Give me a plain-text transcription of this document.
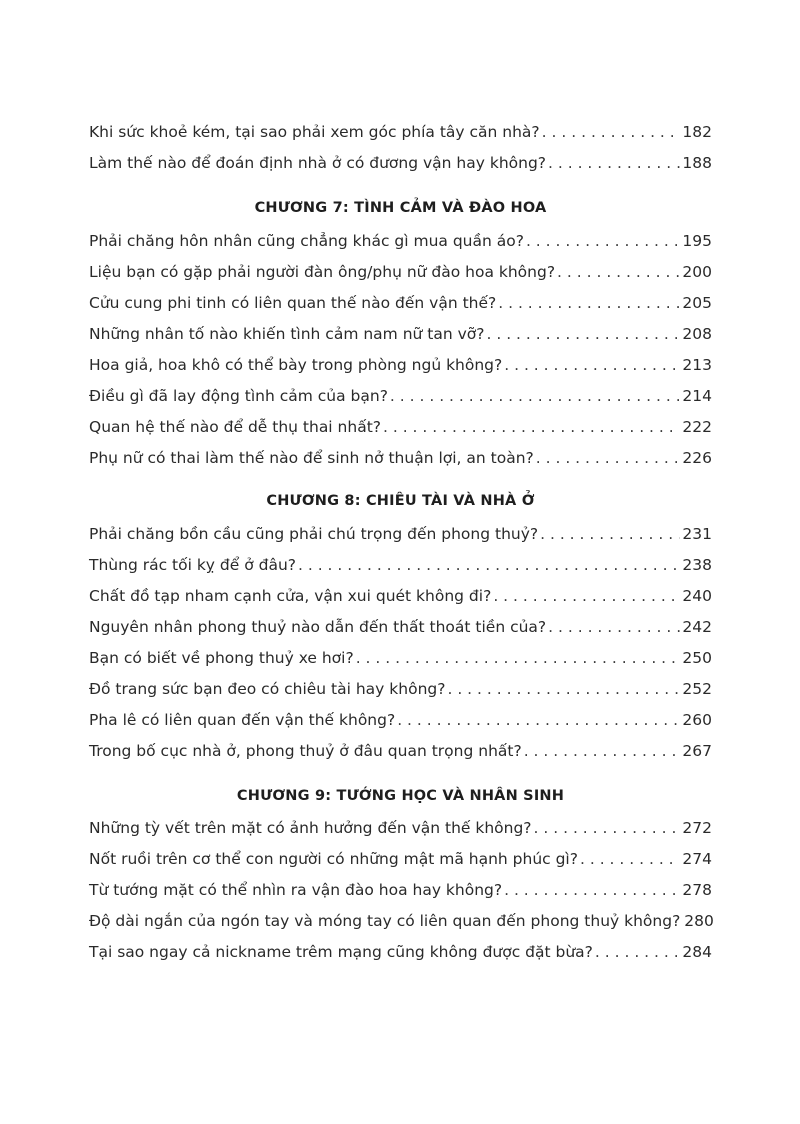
Khi sức khoẻ kém, tại sao phải xem góc phía tây căn nhà? . . .	182
Làm thế nào để đoán định nhà ở có đương vận hay không? . . .	188
CHƯƠNG 7: TÌNH CẢM VÀ ĐÀO HOA
Phải chăng hôn nhân cũng chẳng khác gì mua quần áo? . . .	195
Liệu bạn có gặp phải người đàn ông/phụ nữ đào hoa không? . . .	200
Cửu cung phi tinh có liên quan thế nào đến vận thế? . . .	205
Những nhân tố nào khiến tình cảm nam nữ tan vỡ? . . .	208
Hoa giả, hoa khô có thể bày trong phòng ngủ không? . . .	213
Điều gì đã lay động tình cảm của bạn? . . .	214
Quan hệ thế nào để dễ thụ thai nhất? . . .	222
Phụ nữ có thai làm thế nào để sinh nở thuận lợi, an toàn? . . .	226
CHƯƠNG 8: CHIÊU TÀI VÀ NHÀ Ở
Phải chăng bồn cầu cũng phải chú trọng đến phong thuỷ? . . .	231
Thùng rác tối kỵ để ở đâu? . . .	238
Chất đồ tạp nham cạnh cửa, vận xui quét không đi? . . .	240
Nguyên nhân phong thuỷ nào dẫn đến thất thoát tiền của? . . .	242
Bạn có biết về phong thuỷ xe hơi? . . .	250
Đồ trang sức bạn đeo có chiêu tài hay không? . . .	252
Pha lê có liên quan đến vận thế không? . . .	260
Trong bố cục nhà ở, phong thuỷ ở đâu quan trọng nhất? . . .	267
CHƯƠNG 9: TƯỚNG HỌC VÀ NHÂN SINH
Những tỳ vết trên mặt có ảnh hưởng đến vận thế không? . . .	272
Nốt ruồi trên cơ thể con người có những mật mã hạnh phúc gì? . . .	274
Từ tướng mặt có thể nhìn ra vận đào hoa hay không? . . .	278
Độ dài ngắn của ngón tay và móng tay có liên quan đến phong thuỷ không? 280
Tại sao ngay cả nickname trêm mạng cũng không được đặt bừa? . . .	284
